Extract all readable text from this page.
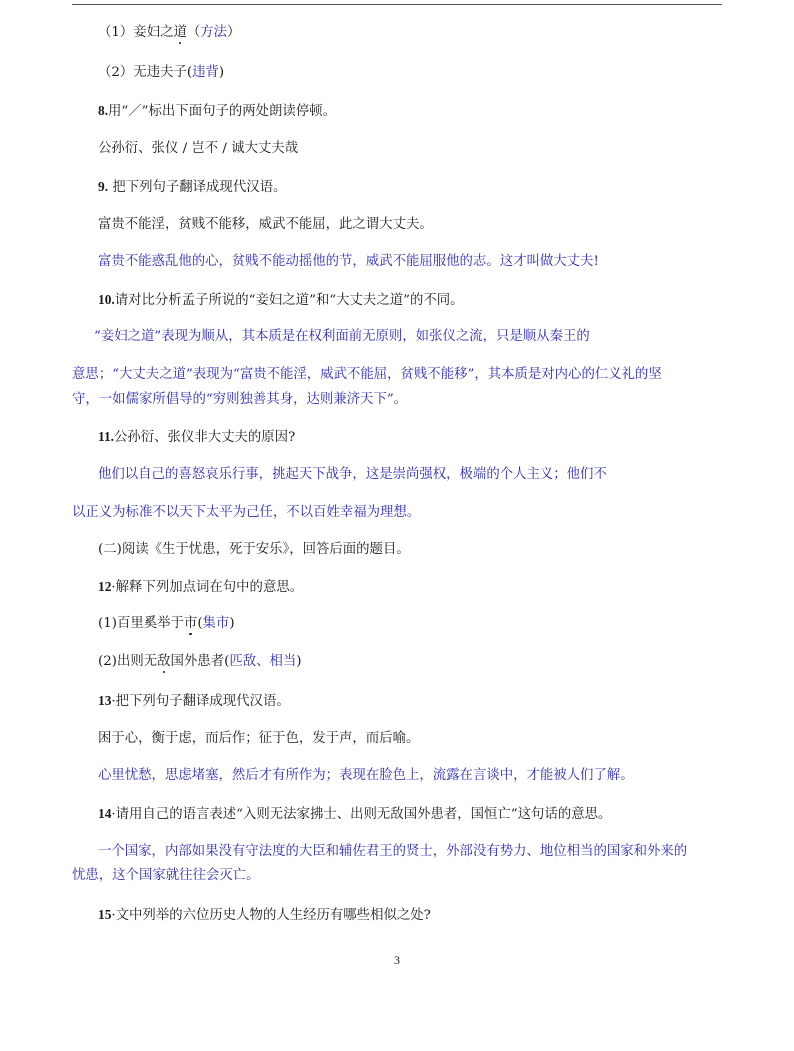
（1）妾妇之道（方法）
（2）无违夫子(违背)
8.用“／”标出下面句子的两处朗读停顿。
公孙衍、张仪 / 岂不 / 诚大丈夫哉
9. 把下列句子翻译成现代汉语。
富贵不能淫，贫贱不能移，威武不能屈，此之谓大丈夫。
富贵不能惑乱他的心，贫贱不能动摇他的节，威武不能屈服他的志。这才叫做大丈夫!
10.请对比分析孟子所说的“妾妇之道”和“大丈夫之道”的不同。
“妾妇之道”表现为顺从，其本质是在权利面前无原则，如张仪之流，只是顺从秦王的
意思；“大丈夫之道”表现为“富贵不能淫，威武不能屈，贫贱不能移”，其本质是对内心的仁义礼的坚
守，一如儒家所倡导的“穷则独善其身，达则兼济天下”。
11.公孙衍、张仪非大丈夫的原因?
他们以自己的喜怒哀乐行事，挑起天下战争，这是崇尚强权，极端的个人主义；他们不
以正义为标准不以天下太平为己任，不以百姓幸福为理想。
(二)阅读《生于忧患，死于安乐》，回答后面的题目。
12·解释下列加点词在句中的意思。
(1)百里奚举于市(集市)
(2)出则无敌国外患者(匹敌、相当)
13·把下列句子翻译成现代汉语。
困于心，衡于虑，而后作；征于色，发于声，而后喻。
心里忧愁，思虑堵塞，然后才有所作为；表现在脸色上，流露在言谈中，才能被人们了解。
14·请用自己的语言表述“入则无法家拂士、出则无敌国外患者，国恒亡”这句话的意思。
一个国家，内部如果没有守法度的大臣和辅佐君王的贤士，外部没有势力、地位相当的国家和外来的
忧患，这个国家就往往会灭亡。
15·文中列举的六位历史人物的人生经历有哪些相似之处?
3
